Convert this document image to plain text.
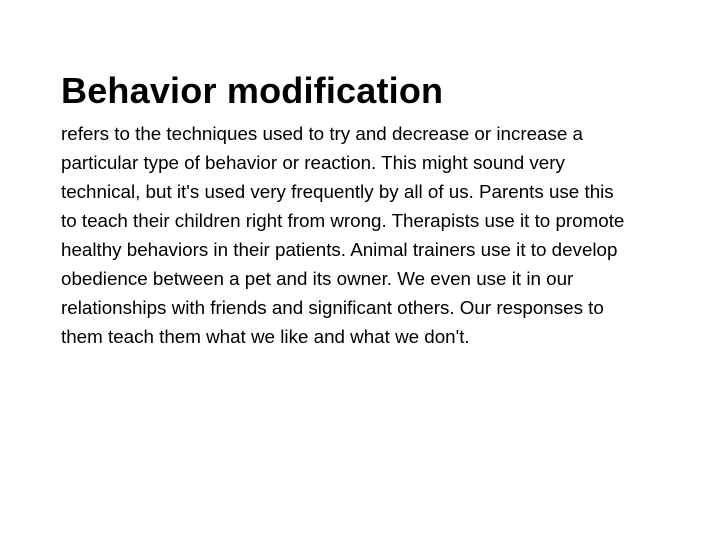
Behavior modification

refers to the techniques used to try and decrease or increase a particular type of behavior or reaction. This might sound very technical, but it's used very frequently by all of us. Parents use this to teach their children right from wrong. Therapists use it to promote healthy behaviors in their patients. Animal trainers use it to develop obedience between a pet and its owner. We even use it in our relationships with friends and significant others. Our responses to them teach them what we like and what we don't.
